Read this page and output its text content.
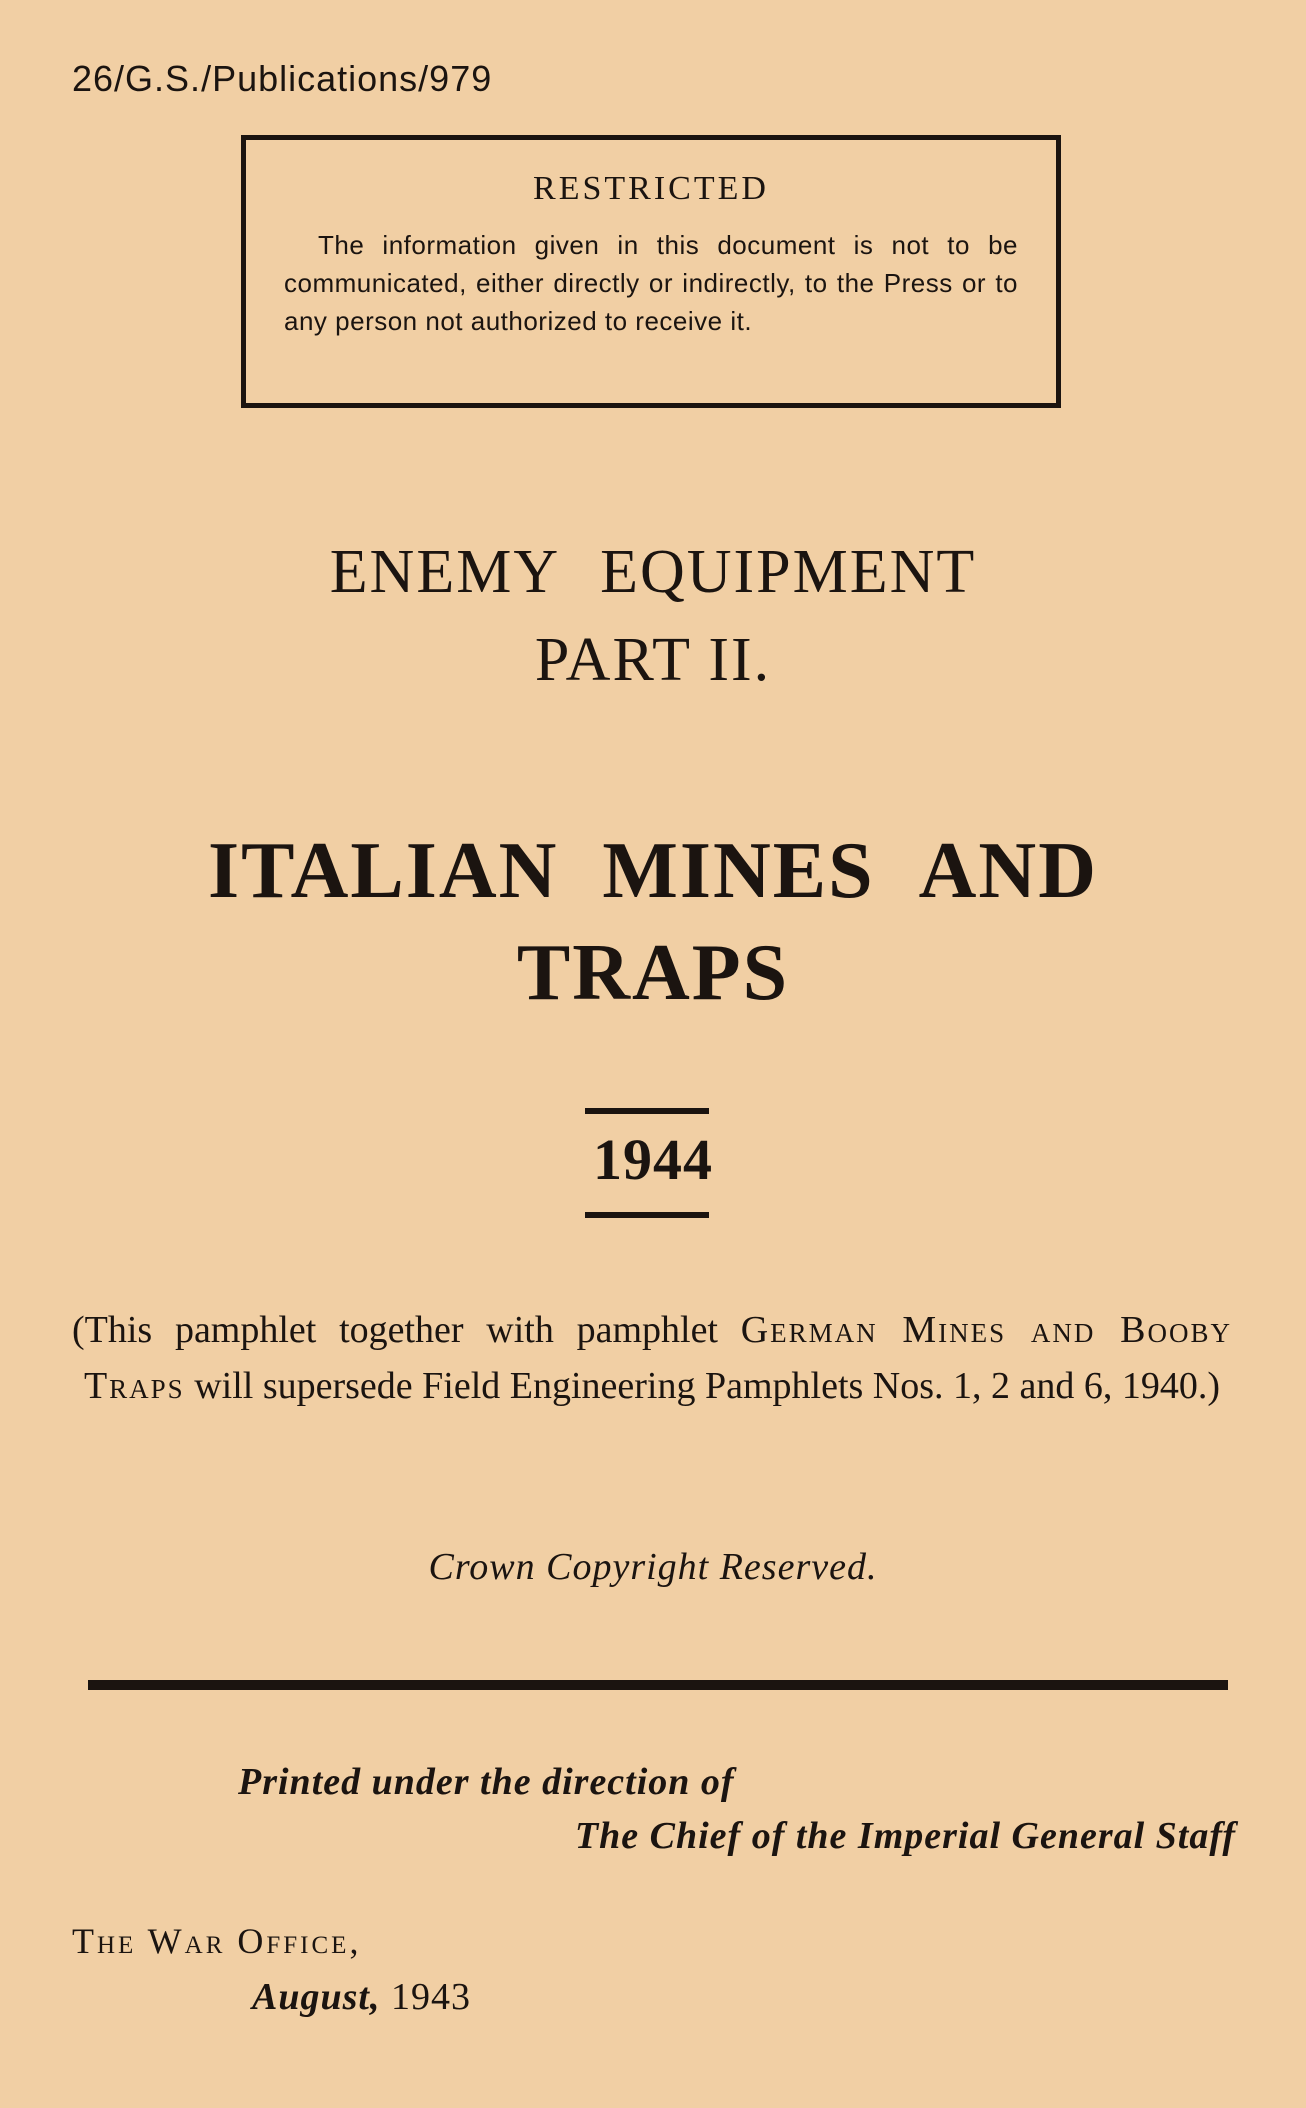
26/G.S./Publications/979
RESTRICTED
The information given in this document is not to be communicated, either directly or indirectly, to the Press or to any person not authorized to receive it.
ENEMY EQUIPMENT
PART II.
ITALIAN MINES AND
TRAPS
1944
(This pamphlet together with pamphlet German Mines and Booby Traps will supersede Field Engineering Pamphlets Nos. 1, 2 and 6, 1940.)
Crown Copyright Reserved.
Printed under the direction of
The Chief of the Imperial General Staff
The War Office,
August, 1943
